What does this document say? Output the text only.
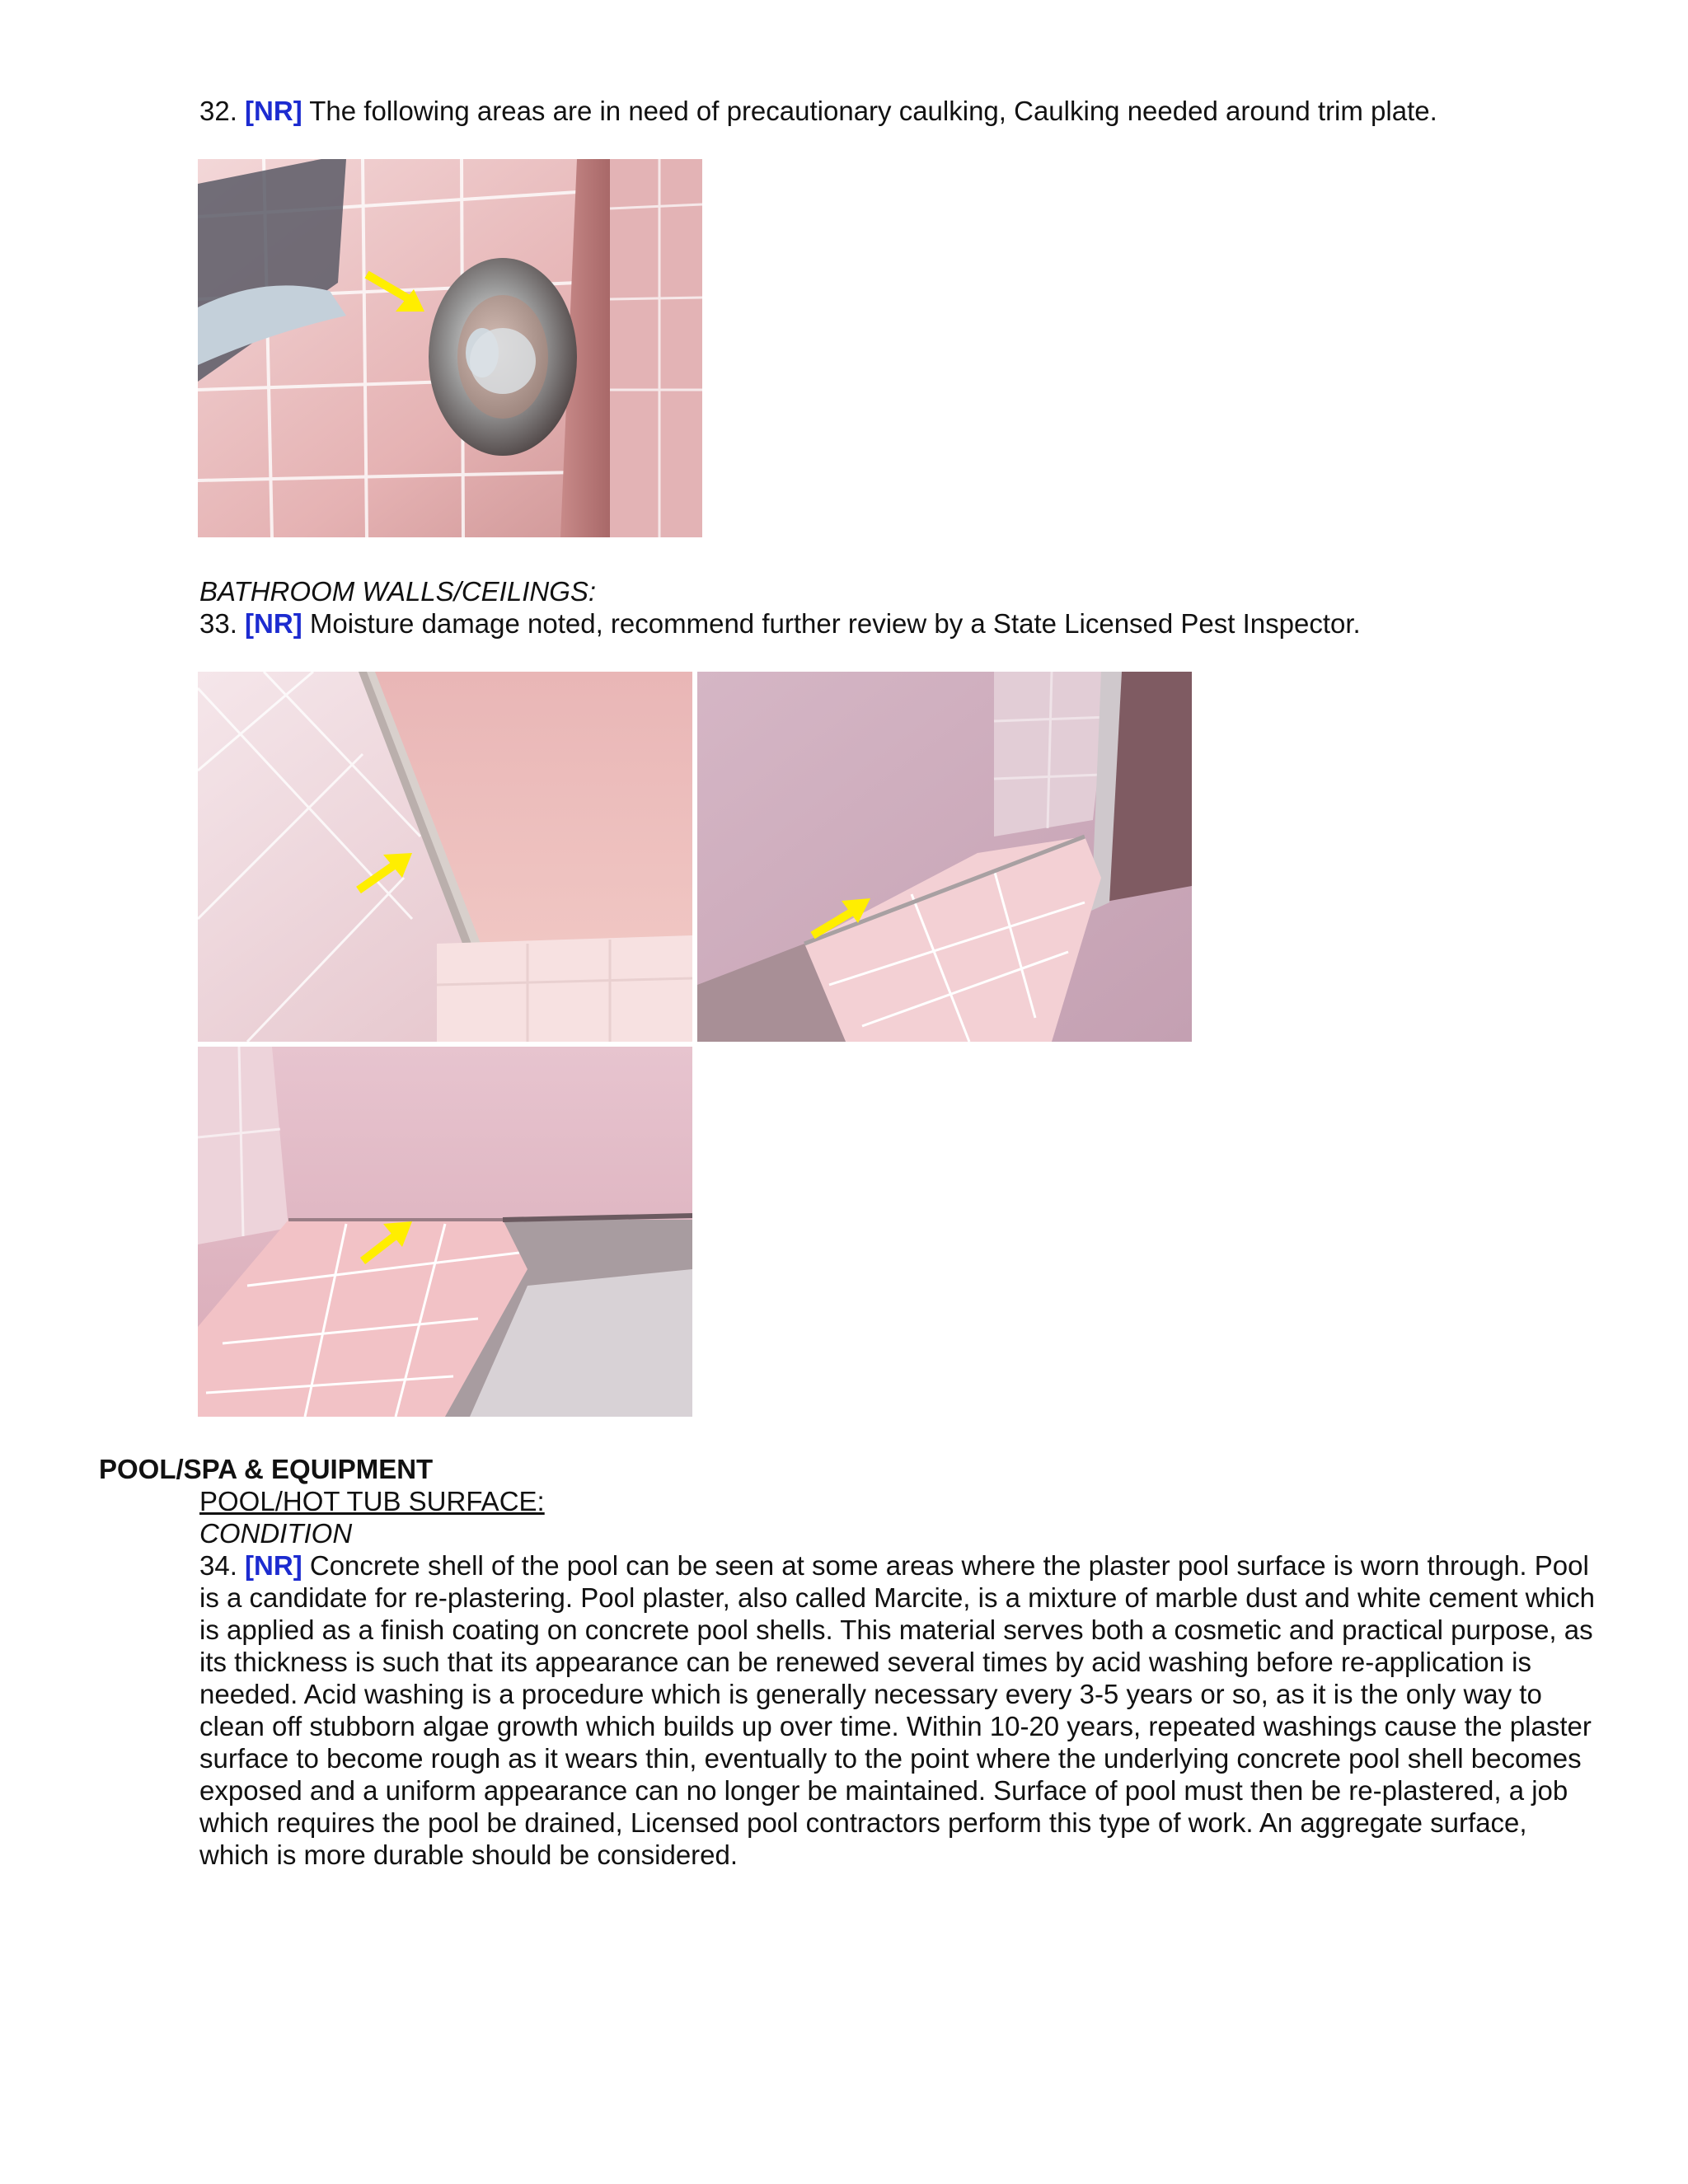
32. [NR] The following areas are in need of precautionary caulking, Caulking needed around trim plate.

BATHROOM WALLS/CEILINGS:

33. [NR] Moisture damage noted, recommend further review by a State Licensed Pest Inspector.

POOL/SPA & EQUIPMENT

POOL/HOT TUB SURFACE:

CONDITION

34. [NR] Concrete shell of the pool can be seen at some areas where the plaster pool surface is worn through. Pool is a candidate for re-plastering. Pool plaster, also called Marcite, is a mixture of marble dust and white cement which is applied as a finish coating on concrete pool shells. This material serves both a cosmetic and practical purpose, as its thickness is such that its appearance can be renewed several times by acid washing before re-application is needed. Acid washing is a procedure which is generally necessary every 3-5 years or so, as it is the only way to clean off stubborn algae growth which builds up over time. Within 10-20 years, repeated washings cause the plaster surface to become rough as it wears thin, eventually to the point where the underlying concrete pool shell becomes exposed and a uniform appearance can no longer be maintained. Surface of pool must then be re-plastered, a job which requires the pool be drained, Licensed pool contractors perform this type of work. An aggregate surface, which is more durable should be considered.
